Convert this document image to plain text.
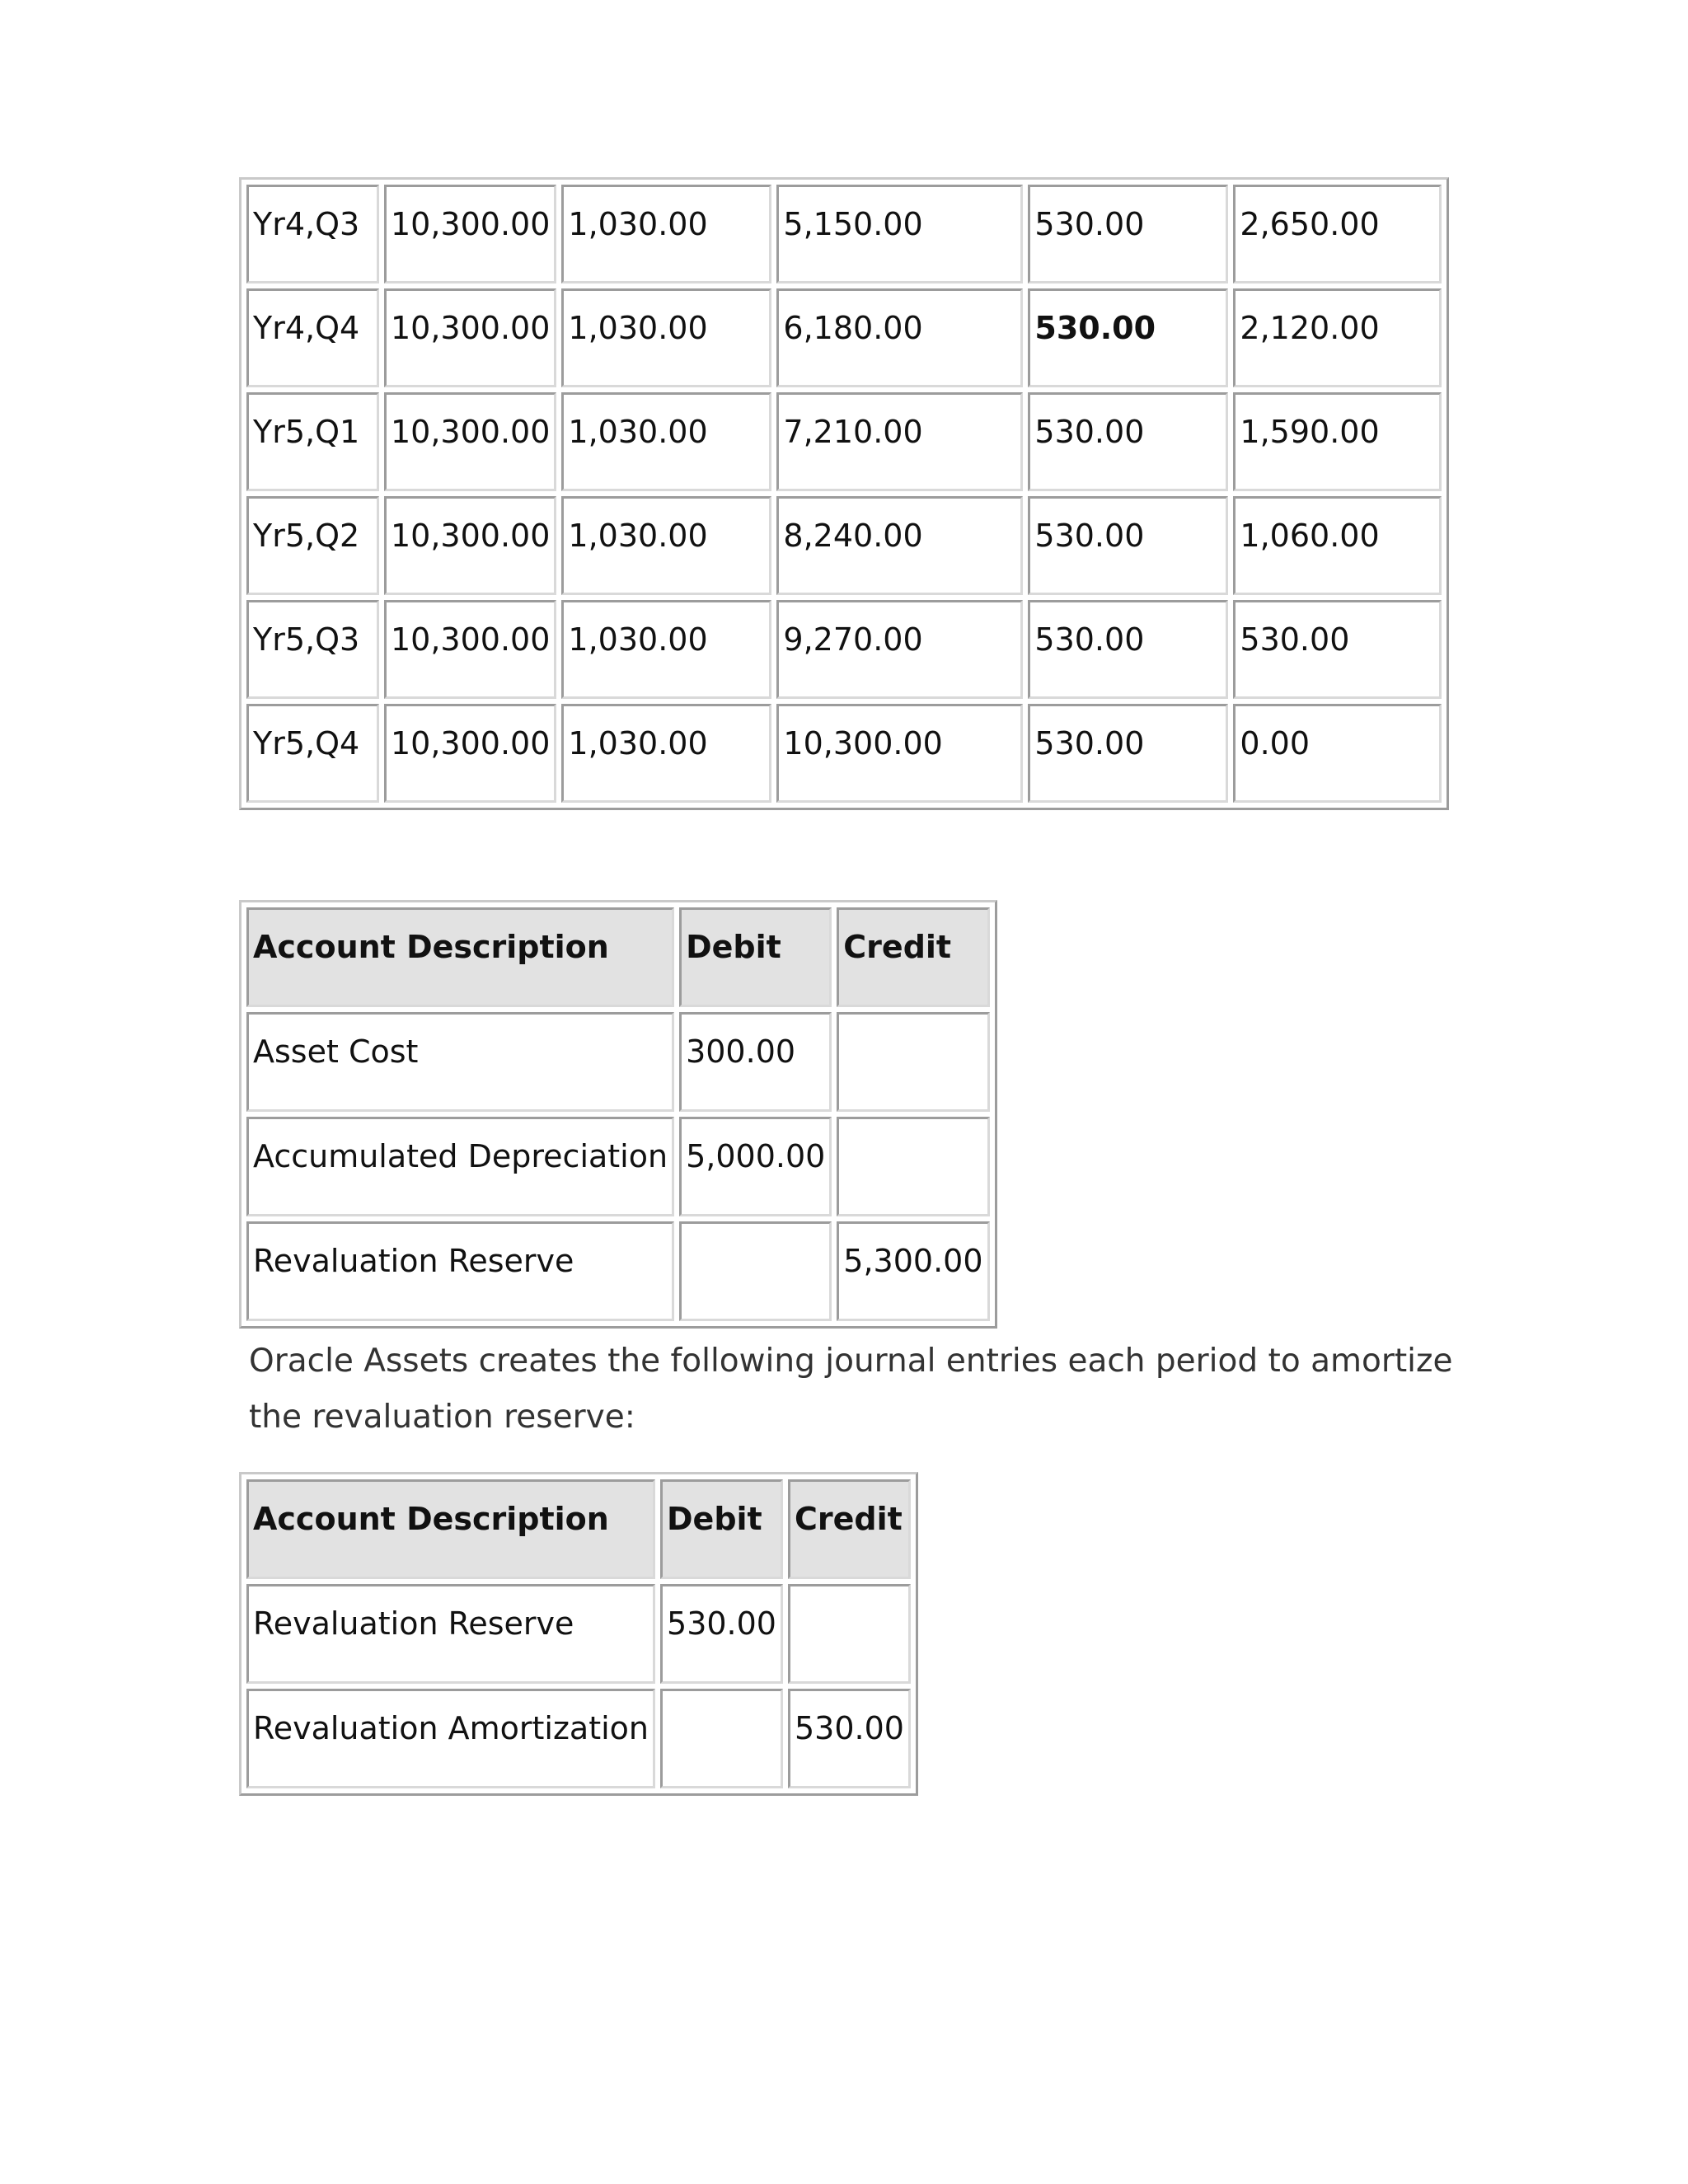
Yr4,Q3	10,300.00	1,030.00	5,150.00	530.00	2,650.00
Yr4,Q4	10,300.00	1,030.00	6,180.00	530.00	2,120.00
Yr5,Q1	10,300.00	1,030.00	7,210.00	530.00	1,590.00
Yr5,Q2	10,300.00	1,030.00	8,240.00	530.00	1,060.00
Yr5,Q3	10,300.00	1,030.00	9,270.00	530.00	530.00
Yr5,Q4	10,300.00	1,030.00	10,300.00	530.00	0.00
Account Description	Debit	Credit
Asset Cost	300.00	
Accumulated Depreciation	5,000.00	
Revaluation Reserve		5,300.00
Oracle Assets creates the following journal entries each period to amortize the revaluation reserve:
Account Description	Debit	Credit
Revaluation Reserve	530.00	
Revaluation Amortization		530.00
